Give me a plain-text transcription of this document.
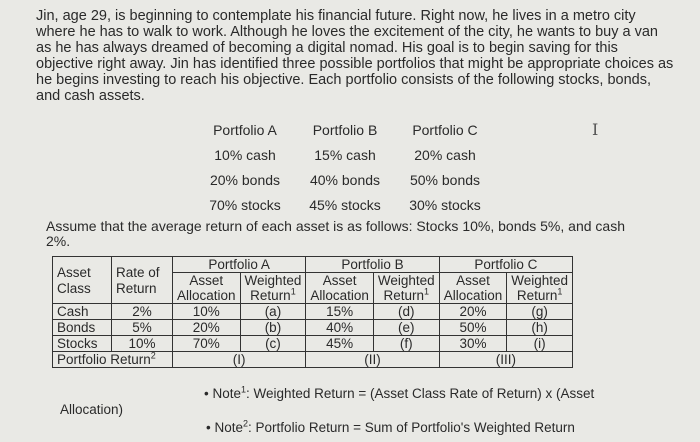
Jin, age 29, is beginning to contemplate his financial future. Right now, he lives in a metro city where he has to walk to work. Although he loves the excitement of the city, he wants to buy a van as he has always dreamed of becoming a digital nomad. His goal is to begin saving for this objective right away. Jin has identified three possible portfolios that might be appropriate choices as he begins investing to reach his objective. Each portfolio consists of the following stocks, bonds, and cash assets.

Portfolio A	Portfolio B	Portfolio C
10% cash	15% cash	20% cash
20% bonds	40% bonds	50% bonds
70% stocks	45% stocks	30% stocks
I

Assume that the average return of each asset is as follows: Stocks 10%, bonds 5%, and cash 2%.

Asset Class	Rate of Return	Portfolio A		Portfolio B		Portfolio C	
		Asset	Weighted	Asset	Weighted	Asset	Weighted
		Allocation	Return$^1$	Allocation	Return$^1$	Allocation	Return$^1$
Cash	2%	10%	(a)	15%	(d)	20%	(g)
Bonds	5%	20%	(b)	40%	(e)	50%	(h)
Stocks	10%	70%	(c)	45%	(f)	30%	(i)
Portfolio Return$^2$		(I)		(II)		(III)	
• Note$^1$: Weighted Return = (Asset Class Rate of Return) x (Asset
Allocation)
• Note$^2$: Portfolio Return = Sum of Portfolio's Weighted Return
